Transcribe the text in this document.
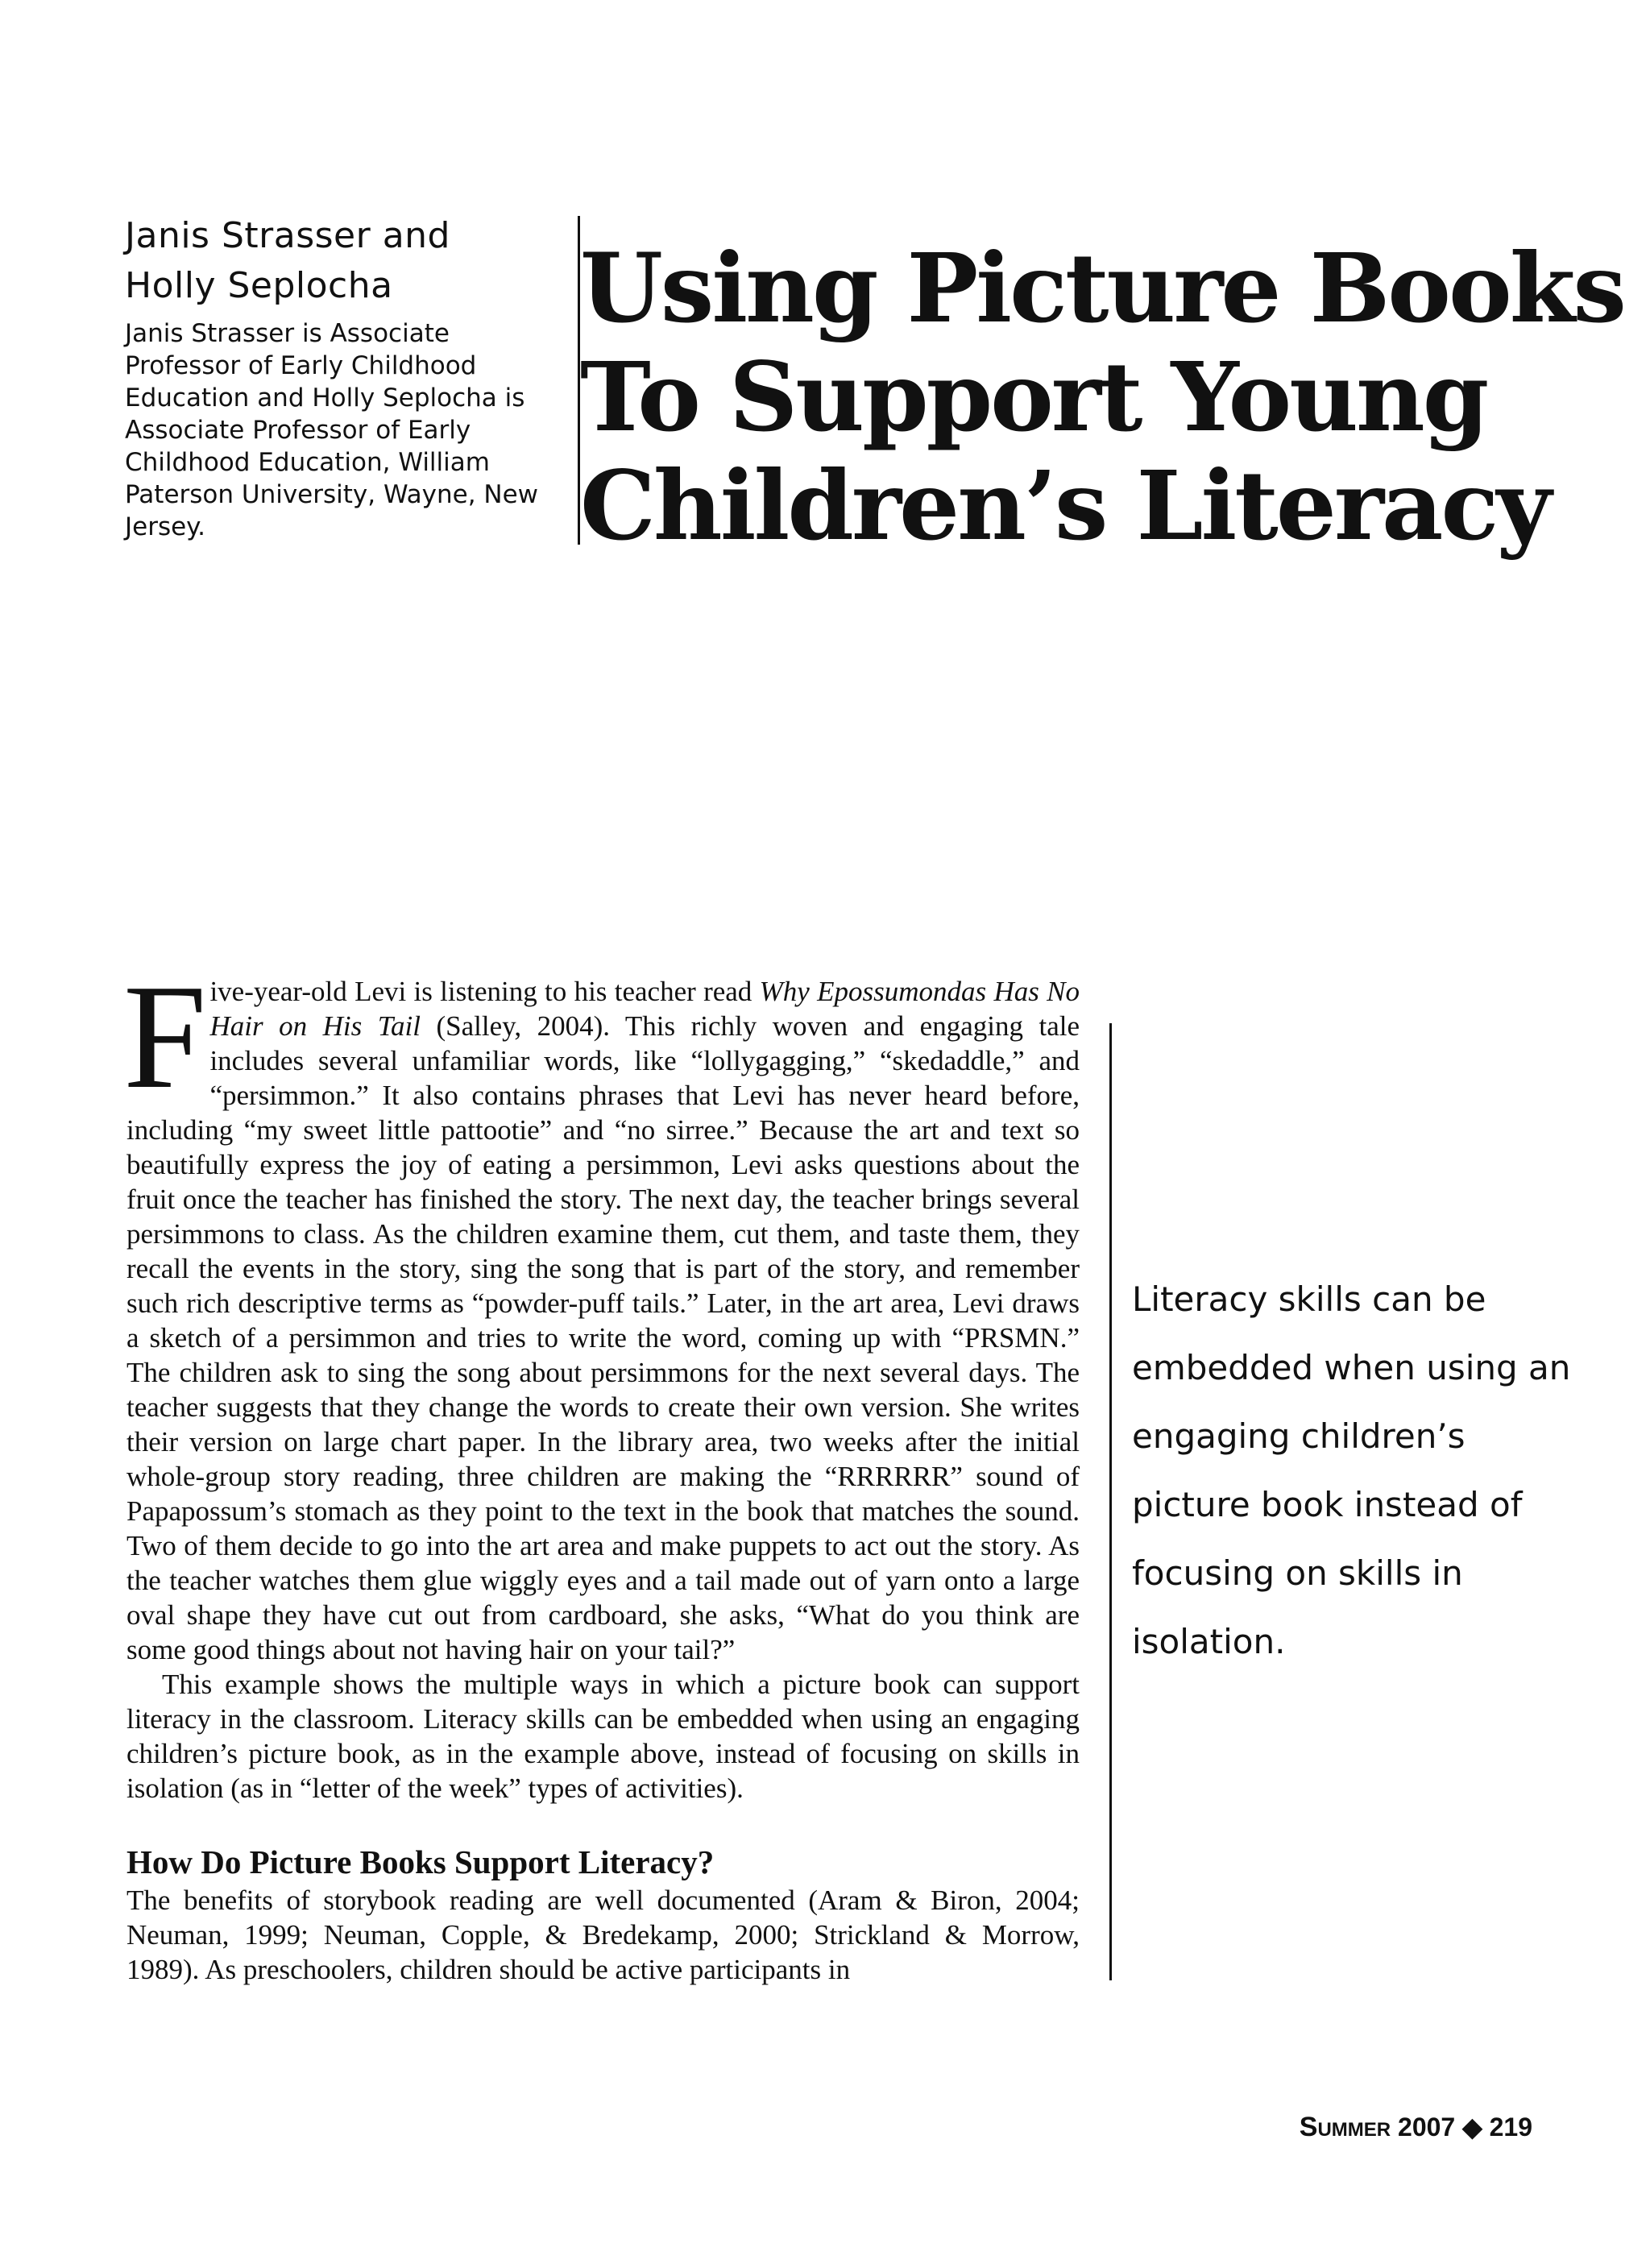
Janis Strasser and
Holly Seplocha
Janis Strasser is Associate Professor of Early Childhood Education and Holly Seplocha is Associate Professor of Early Childhood Education, William Paterson University, Wayne, New Jersey.
Using Picture Books
To Support Young
Children’s Literacy

Five-year-old Levi is listening to his teacher read Why Epossumondas Has No Hair on His Tail (Salley, 2004). This richly woven and engaging tale includes several unfamiliar words, like “lollygagging,” “skedaddle,” and “persimmon.” It also contains phrases that Levi has never heard before, including “my sweet little pattootie” and “no sirree.” Because the art and text so beautifully express the joy of eating a persimmon, Levi asks questions about the fruit once the teacher has finished the story. The next day, the teacher brings several persimmons to class. As the children examine them, cut them, and taste them, they recall the events in the story, sing the song that is part of the story, and remember such rich descriptive terms as “powder-puff tails.” Later, in the art area, Levi draws a sketch of a persimmon and tries to write the word, coming up with “PRSMN.” The children ask to sing the song about persimmons for the next several days. The teacher suggests that they change the words to create their own version. She writes their version on large chart paper. In the library area, two weeks after the initial whole-group story reading, three children are making the “RRRRRR” sound of Papapossum’s stomach as they point to the text in the book that matches the sound. Two of them decide to go into the art area and make puppets to act out the story. As the teacher watches them glue wiggly eyes and a tail made out of yarn onto a large oval shape they have cut out from cardboard, she asks, “What do you think are some good things about not having hair on your tail?”

This example shows the multiple ways in which a picture book can support literacy in the classroom. Literacy skills can be embedded when using an engaging children’s picture book, as in the example above, instead of focusing on skills in isolation (as in “letter of the week” types of activities).

How Do Picture Books Support Literacy?

The benefits of storybook reading are well documented (Aram & Biron, 2004; Neuman, 1999; Neuman, Copple, & Bredekamp, 2000; Strickland & Morrow, 1989). As preschoolers, children should be active participants in

Literacy skills can be embedded when using an engaging children’s picture book instead of focusing on skills in isolation.
Summer 2007 ◆ 219
